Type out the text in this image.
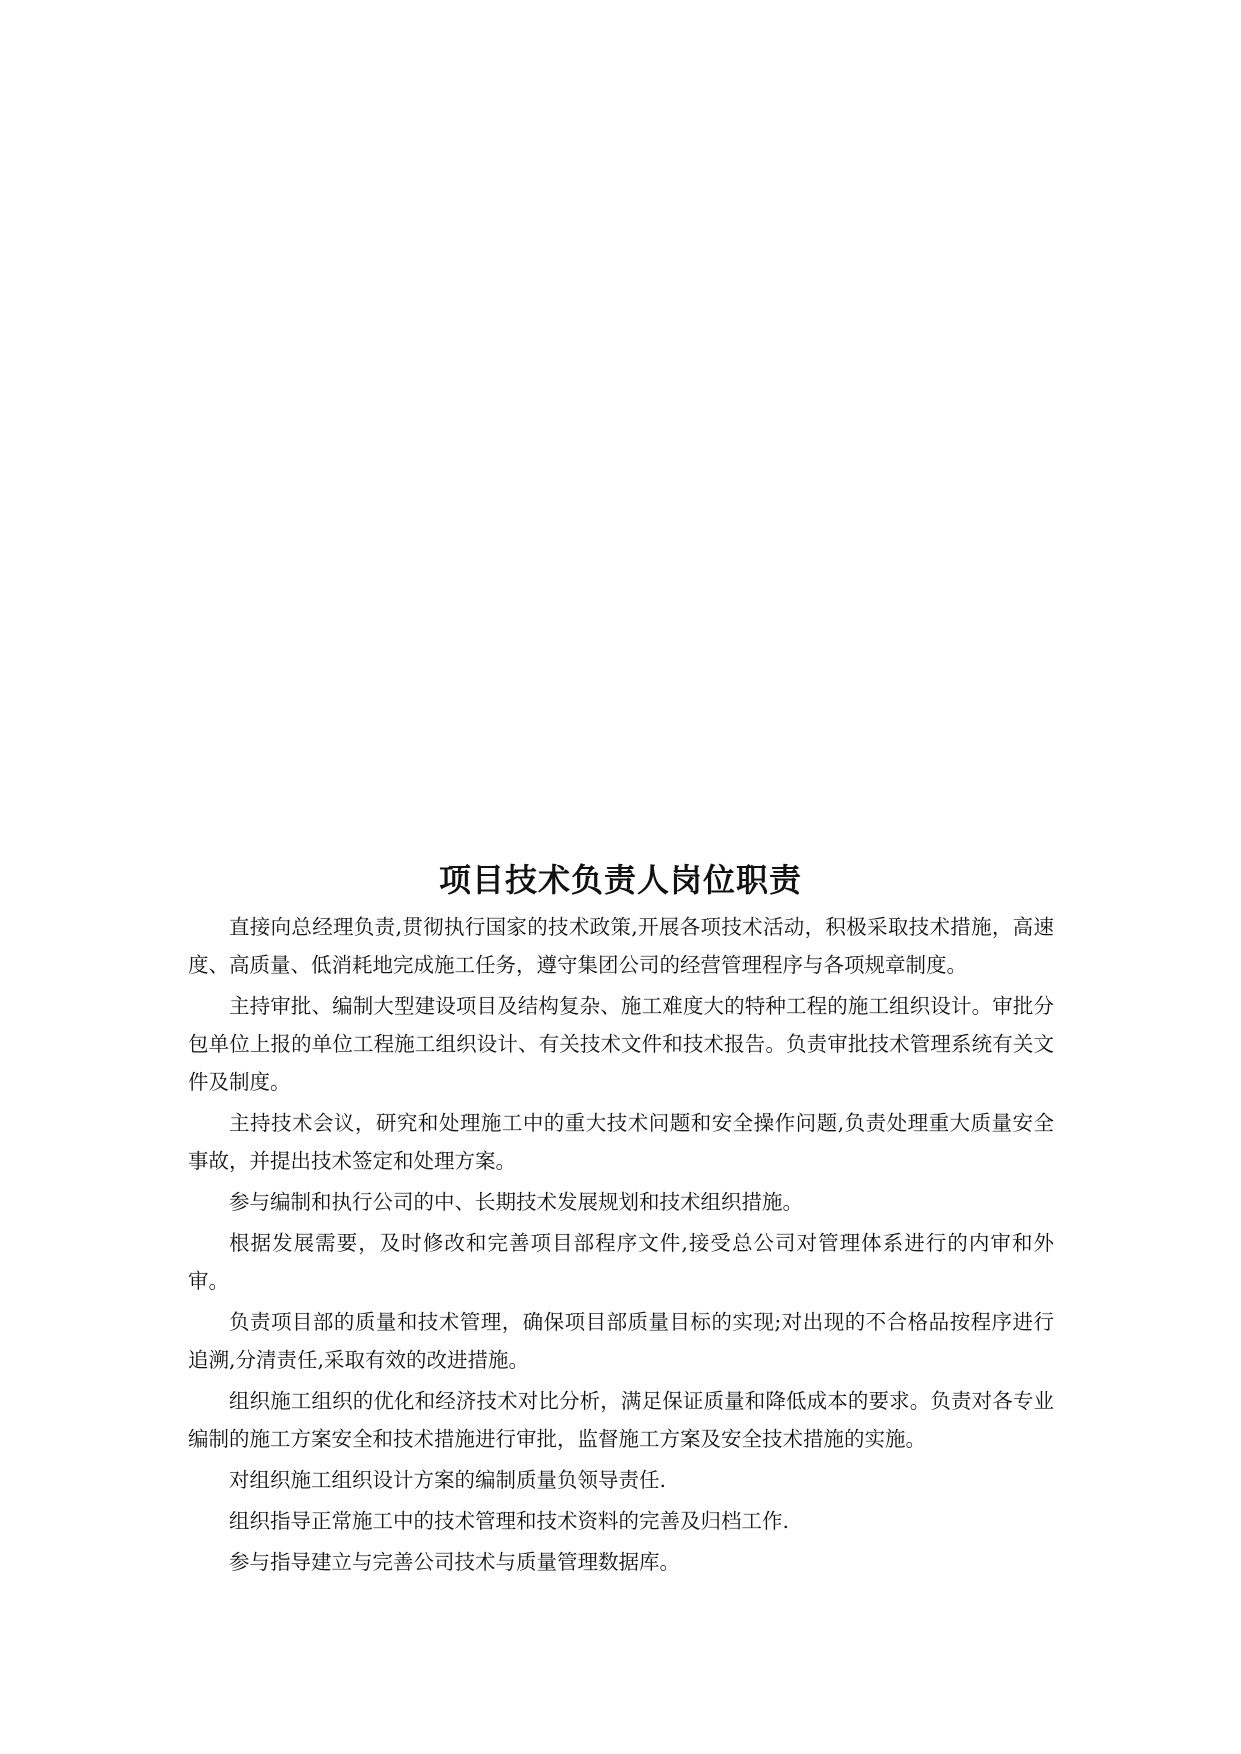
项目技术负责人岗位职责

直接向总经理负责,贯彻执行国家的技术政策,开展各项技术活动，积极采取技术措施，高速度、高质量、低消耗地完成施工任务，遵守集团公司的经营管理程序与各项规章制度。

主持审批、编制大型建设项目及结构复杂、施工难度大的特种工程的施工组织设计。审批分包单位上报的单位工程施工组织设计、有关技术文件和技术报告。负责审批技术管理系统有关文件及制度。

主持技术会议，研究和处理施工中的重大技术问题和安全操作问题,负责处理重大质量安全事故，并提出技术签定和处理方案。

参与编制和执行公司的中、长期技术发展规划和技术组织措施。

根据发展需要，及时修改和完善项目部程序文件,接受总公司对管理体系进行的内审和外审。

负责项目部的质量和技术管理，确保项目部质量目标的实现;对出现的不合格品按程序进行追溯,分清责任,采取有效的改进措施。

组织施工组织的优化和经济技术对比分析，满足保证质量和降低成本的要求。负责对各专业编制的施工方案安全和技术措施进行审批，监督施工方案及安全技术措施的实施。

对组织施工组织设计方案的编制质量负领导责任.

组织指导正常施工中的技术管理和技术资料的完善及归档工作.

参与指导建立与完善公司技术与质量管理数据库。
